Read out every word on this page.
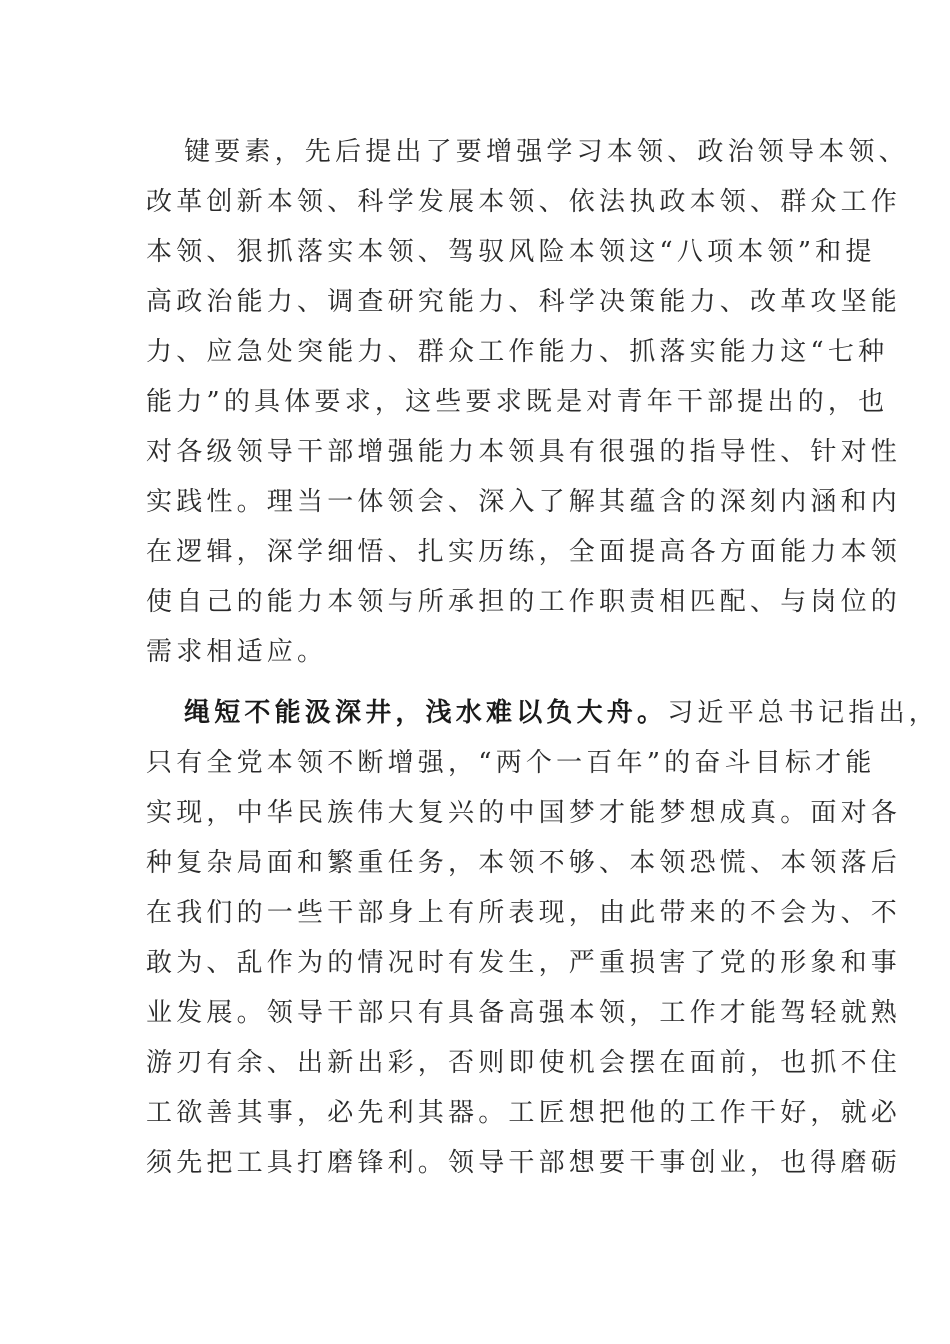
键要素，先后提出了要增强学习本领、政治领导本领、
改革创新本领、科学发展本领、依法执政本领、群众工作
本领、狠抓落实本领、驾驭风险本领这“八项本领”和提
高政治能力、调查研究能力、科学决策能力、改革攻坚能
力、应急处突能力、群众工作能力、抓落实能力这“七种
能力”的具体要求，这些要求既是对青年干部提出的，也
对各级领导干部增强能力本领具有很强的指导性、针对性
实践性。理当一体领会、深入了解其蕴含的深刻内涵和内
在逻辑，深学细悟、扎实历练，全面提高各方面能力本领
使自己的能力本领与所承担的工作职责相匹配、与岗位的
需求相适应。
绳短不能汲深井，浅水难以负大舟。习近平总书记指出，
只有全党本领不断增强，“两个一百年”的奋斗目标才能
实现，中华民族伟大复兴的中国梦才能梦想成真。面对各
种复杂局面和繁重任务，本领不够、本领恐慌、本领落后
在我们的一些干部身上有所表现，由此带来的不会为、不
敢为、乱作为的情况时有发生，严重损害了党的形象和事
业发展。领导干部只有具备高强本领，工作才能驾轻就熟
游刃有余、出新出彩，否则即使机会摆在面前，也抓不住
工欲善其事，必先利其器。工匠想把他的工作干好，就必
须先把工具打磨锋利。领导干部想要干事创业，也得磨砺
